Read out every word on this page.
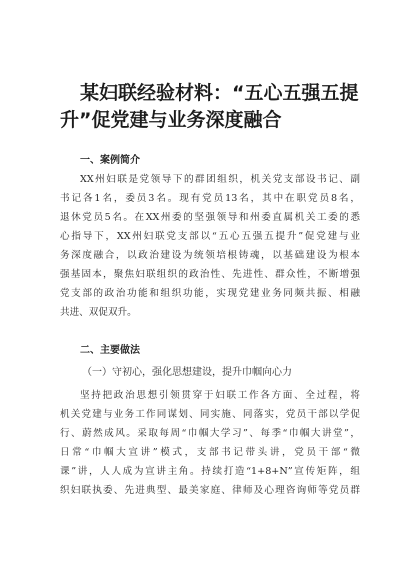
某妇联经验材料：“五心五强五提
升”促党建与业务深度融合
一、案例简介
XX州妇联是党领导下的群团组织，机关党支部设书记、副
书记各1名，委员3名。现有党员13名，其中在职党员8名，
退休党员5名。在XX州委的坚强领导和州委直属机关工委的悉
心指导下，XX州妇联党支部以“五心五强五提升”促党建与业
务深度融合，以政治建设为统领培根铸魂，以基础建设为根本
强基固本，聚焦妇联组织的政治性、先进性、群众性，不断增强
党支部的政治功能和组织功能，实现党建业务同频共振、相融
共进、双促双升。
二、主要做法

（一）守初心，强化思想建设，提升巾帼向心力

坚持把政治思想引领贯穿于妇联工作各方面、全过程，将
机关党建与业务工作同谋划、同实施、同落实，党员干部以学促
行、蔚然成风。采取每周“巾帼大学习”、每季“巾帼大讲堂”，
日常“巾帼大宣讲”模式，支部书记带头讲，党员干部“微
课”讲，人人成为宣讲主角。持续打造“1+8+N”宣传矩阵，组
织妇联执委、先进典型、最美家庭、律师及心理咨询师等党员群
